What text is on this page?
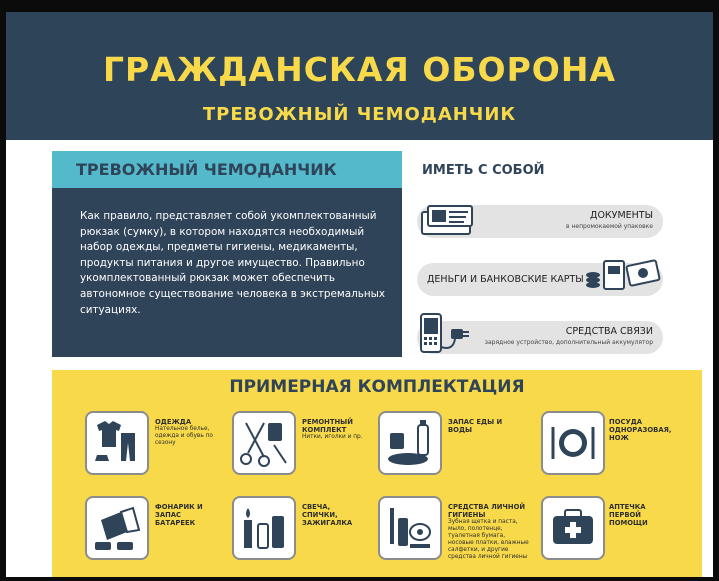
ГРАЖДАНСКАЯ ОБОРОНА
ТРЕВОЖНЫЙ ЧЕМОДАНЧИК
ТРЕВОЖНЫЙ ЧЕМОДАНЧИК
Как правило, представляет собой укомплектованный рюкзак (сумку), в котором находятся необходимый набор одежды, предметы гигиены, медикаменты, продукты питания и другое имущество. Правильно укомплектованный рюкзак может обеспечить автономное существование человека в экстремальных ситуациях.
ИМЕТЬ С СОБОЙ
ДОКУМЕНТЫ
в непромокаемой упаковке
ДЕНЬГИ И БАНКОВСКИЕ КАРТЫ
СРЕДСТВА СВЯЗИ
зарядное устройство, дополнительный аккумулятор
ПРИМЕРНАЯ КОМПЛЕКТАЦИЯ
ОДЕЖДА
Нательное белье, одежда и обувь по сезону
РЕМОНТНЫЙ КОМПЛЕКТ
Нитки, иголки и пр.
ЗАПАС ЕДЫ И ВОДЫ
ПОСУДА ОДНОРАЗОВАЯ, НОЖ
ФОНАРИК И ЗАПАС БАТАРЕЕК
СВЕЧА, СПИЧКИ, ЗАЖИГАЛКА
СРЕДСТВА ЛИЧНОЙ ГИГИЕНЫ
Зубная щетка и паста, мыло, полотенце, туалетная бумага, носовые платки, влажные салфетки, и другие средства личной гигиены
АПТЕЧКА ПЕРВОЙ ПОМОЩИ
